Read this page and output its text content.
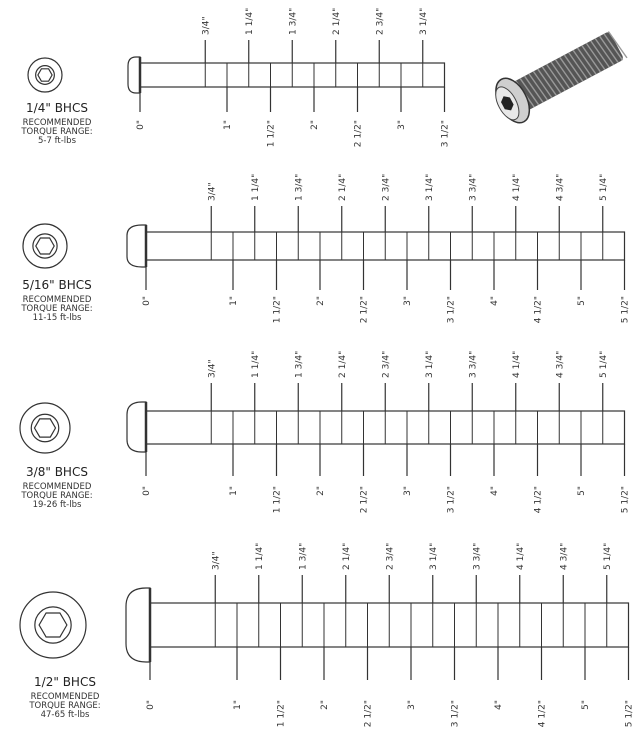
1/4" BHCS
RECOMMENDED
TORQUE RANGE:
5-7 ft-lbs
3/4"	1 1/4"	1 3/4"	2 1/4"	2 3/4"	3 1/4"
0"	1"	1 1/2"	2"	2 1/2"	3"	3 1/2"
5/16" BHCS
RECOMMENDED
TORQUE RANGE:
11-15 ft-lbs
3/4"	1 1/4"	1 3/4"	2 1/4"	2 3/4"	3 1/4"	3 3/4"	4 1/4"	4 3/4"	5 1/4"
0"	1"	1 1/2"	2"	2 1/2"	3"	3 1/2"	4"	4 1/2"	5"	5 1/2"
3/8" BHCS
RECOMMENDED
TORQUE RANGE:
19-26 ft-lbs
3/4"	1 1/4"	1 3/4"	2 1/4"	2 3/4"	3 1/4"	3 3/4"	4 1/4"	4 3/4"	5 1/4"
0"	1"	1 1/2"	2"	2 1/2"	3"	3 1/2"	4"	4 1/2"	5"	5 1/2"
1/2" BHCS
RECOMMENDED
TORQUE RANGE:
47-65 ft-lbs
3/4"	1 1/4"	1 3/4"	2 1/4"	2 3/4"	3 1/4"	3 3/4"	4 1/4"	4 3/4"	5 1/4"
0"	1"	1 1/2"	2"	2 1/2"	3"	3 1/2"	4"	4 1/2"	5"	5 1/2"
